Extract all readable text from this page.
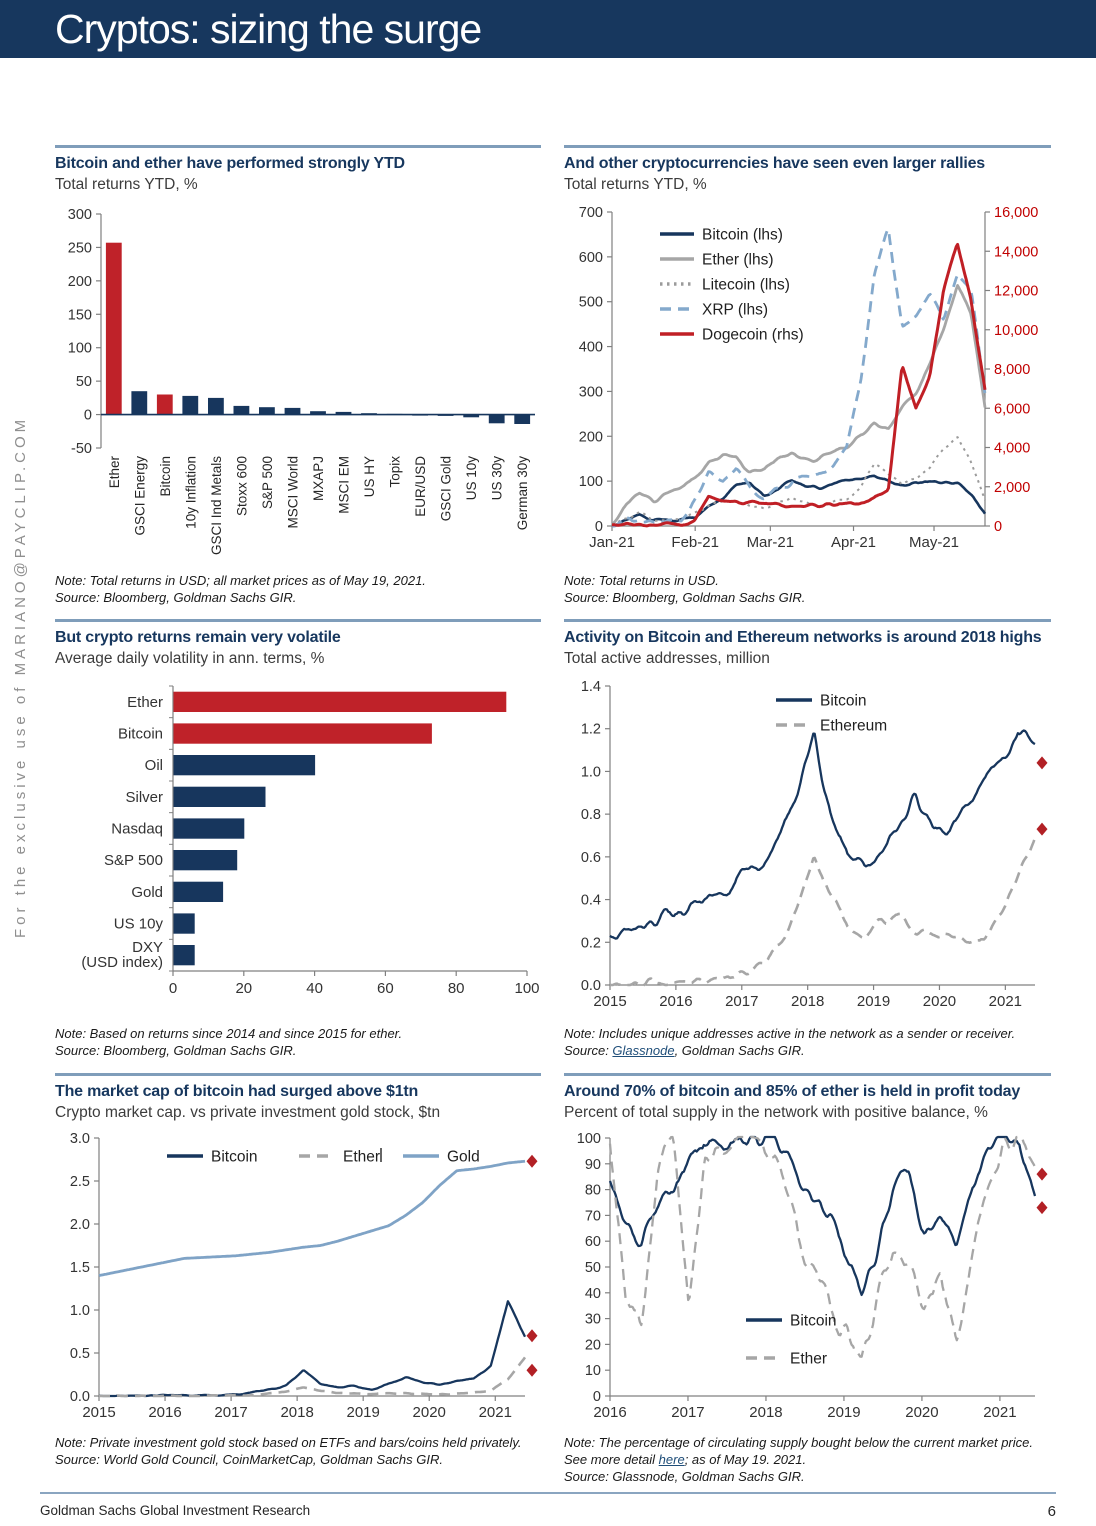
Cryptos: sizing the surge
For the exclusive use of MARIANO@PAYCLIP.COM
Bitcoin and ether have performed strongly YTD
Total returns YTD, %
-50
0
50
100
150
200
250
300
Ether GSCI Energy Bitcoin 10y Inflation GSCI Ind Metals Stoxx 600 S&P 500 MSCI World MXAPJ MSCI EM US HY Topix EUR/USD GSCI Gold US 10y US 30y German 30y
Note: Total returns in USD; all market prices as of May 19, 2021.
Source: Bloomberg, Goldman Sachs GIR.
And other cryptocurrencies have seen even larger rallies
Total returns YTD, %
0
100
200
300
400
500
600
700
0
2,000
4,000
6,000
8,000
10,000
12,000
14,000
16,000
Jan-21 Feb-21 Mar-21 Apr-21 May-21
Bitcoin (lhs)
Ether (lhs)
Litecoin (lhs)
XRP (lhs)
Dogecoin (rhs)
Note: Total returns in USD.
Source: Bloomberg, Goldman Sachs GIR.
But crypto returns remain very volatile
Average daily volatility in ann. terms, %
0	20	40	60	80	100
Ether
Bitcoin
Oil
Silver
Nasdaq
S&P 500
Gold
US 10y
DXY (USD index)
Note: Based on returns since 2014 and since 2015 for ether.
Source: Bloomberg, Goldman Sachs GIR.
Activity on Bitcoin and Ethereum networks is around 2018 highs
Total active addresses, million
0.0
0.2
0.4
0.6
0.8
1.0
1.2
1.4
2015 2016 2017 2018 2019 2020 2021
Bitcoin
Ethereum
Note: Includes unique addresses active in the network as a sender or receiver.
Source: Glassnode, Goldman Sachs GIR.
The market cap of bitcoin had surged above $1tn
Crypto market cap. vs private investment gold stock, $tn
0.0
0.5
1.0
1.5
2.0
2.5
3.0
2015 2016 2017 2018 2019 2020 2021
Bitcoin	Ether	Gold
Note: Private investment gold stock based on ETFs and bars/coins held privately.
Source: World Gold Council, CoinMarketCap, Goldman Sachs GIR.
Around 70% of bitcoin and 85% of ether is held in profit today
Percent of total supply in the network with positive balance, %
0
10
20
30
40
50
60
70
80
90
100
2016	2017	2018	2019	2020	2021
Bitcoin
Ether
Note: The percentage of circulating supply bought below the current market price.
See more detail here; as of May 19. 2021.
Source: Glassnode, Goldman Sachs GIR.
Goldman Sachs Global Investment Research	6
